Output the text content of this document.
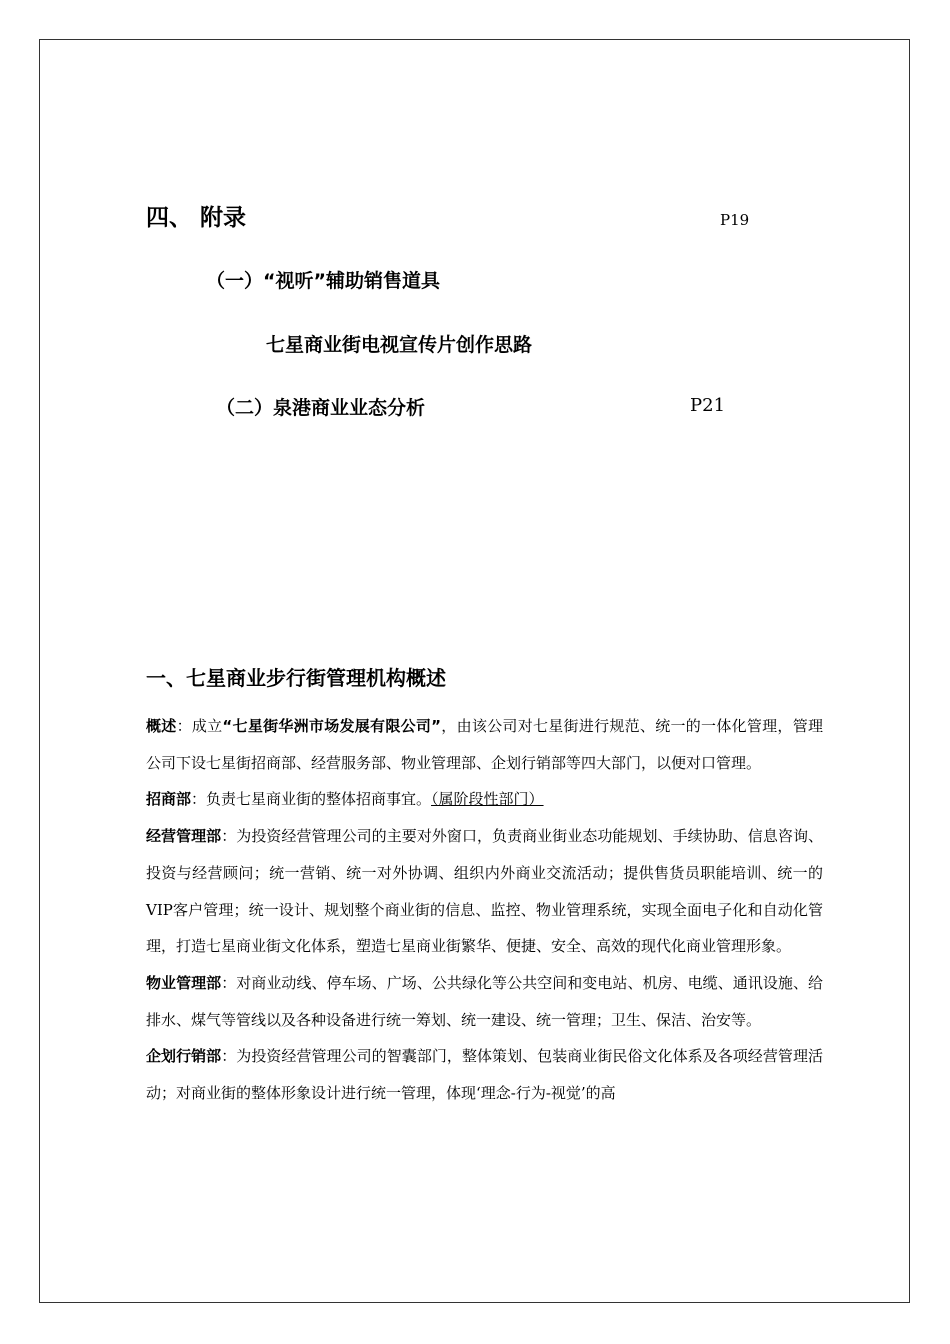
四、 附录	P19
（一）“视听”辅助销售道具
七星商业街电视宣传片创作思路
（二）泉港商业业态分析	P21
一、七星商业步行街管理机构概述

概述：成立“七星街华洲市场发展有限公司”，由该公司对七星街进行规范、统一的一体化管理，管理公司下设七星街招商部、经营服务部、物业管理部、企划行销部等四大部门，以便对口管理。

招商部：负责七星商业街的整体招商事宜。（属阶段性部门）

经营管理部：为投资经营管理公司的主要对外窗口，负责商业街业态功能规划、手续协助、信息咨询、投资与经营顾问；统一营销、统一对外协调、组织内外商业交流活动；提供售货员职能培训、统一的VIP客户管理；统一设计、规划整个商业街的信息、监控、物业管理系统，实现全面电子化和自动化管理，打造七星商业街文化体系，塑造七星商业街繁华、便捷、安全、高效的现代化商业管理形象。

物业管理部：对商业动线、停车场、广场、公共绿化等公共空间和变电站、机房、电缆、通讯设施、给排水、煤气等管线以及各种设备进行统一筹划、统一建设、统一管理；卫生、保洁、治安等。

企划行销部：为投资经营管理公司的智囊部门，整体策划、包装商业街民俗文化体系及各项经营管理活动；对商业街的整体形象设计进行统一管理，体现‘理念-行为-视觉’的高
